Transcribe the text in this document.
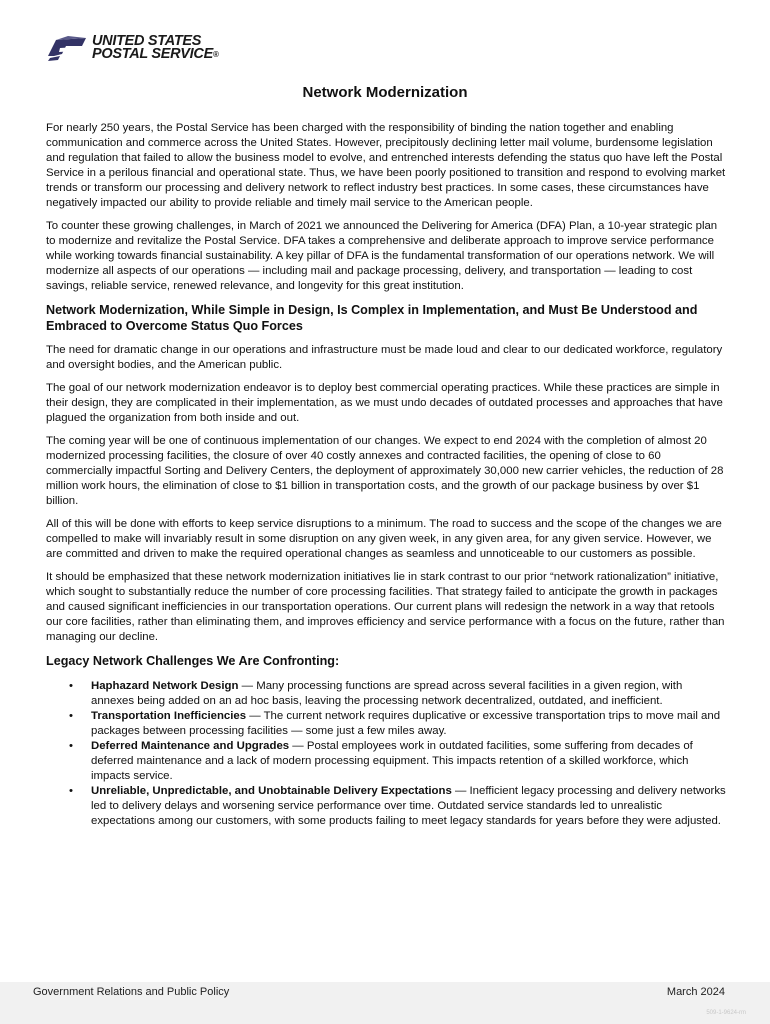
UNITED STATES
POSTAL SERVICE®
Network Modernization

For nearly 250 years, the Postal Service has been charged with the responsibility of binding the nation together and enabling communication and commerce across the United States. However, precipitously declining letter mail volume, burdensome legislation and regulation that failed to allow the business model to evolve, and entrenched interests defending the status quo have left the Postal Service in a perilous financial and operational state. Thus, we have been poorly positioned to transition and respond to evolving market trends or transform our processing and delivery network to reflect industry best practices. In some cases, these circumstances have negatively impacted our ability to provide reliable and timely mail service to the American people.

To counter these growing challenges, in March of 2021 we announced the Delivering for America (DFA) Plan, a 10-year strategic plan to modernize and revitalize the Postal Service. DFA takes a comprehensive and deliberate approach to improve service performance while working towards financial sustainability. A key pillar of DFA is the fundamental transformation of our operations network. We will modernize all aspects of our operations — including mail and package processing, delivery, and transportation — leading to cost savings, reliable service, renewed relevance, and longevity for this great institution.

Network Modernization, While Simple in Design, Is Complex in Implementation, and Must Be Understood and Embraced to Overcome Status Quo Forces

The need for dramatic change in our operations and infrastructure must be made loud and clear to our dedicated workforce, regulatory and oversight bodies, and the American public.

The goal of our network modernization endeavor is to deploy best commercial operating practices. While these practices are simple in their design, they are complicated in their implementation, as we must undo decades of outdated processes and approaches that have plagued the organization from both inside and out.

The coming year will be one of continuous implementation of our changes. We expect to end 2024 with the completion of almost 20 modernized processing facilities, the closure of over 40 costly annexes and contracted facilities, the opening of close to 60 commercially impactful Sorting and Delivery Centers, the deployment of approximately 30,000 new carrier vehicles, the reduction of 28 million work hours, the elimination of close to $1 billion in transportation costs, and the growth of our package business by over $1 billion.

All of this will be done with efforts to keep service disruptions to a minimum. The road to success and the scope of the changes we are compelled to make will invariably result in some disruption on any given week, in any given area, for any given service. However, we are committed and driven to make the required operational changes as seamless and unnoticeable to our customers as possible.

It should be emphasized that these network modernization initiatives lie in stark contrast to our prior “network rationalization” initiative, which sought to substantially reduce the number of core processing facilities. That strategy failed to anticipate the growth in packages and caused significant inefficiencies in our transportation operations. Our current plans will redesign the network in a way that retools our core facilities, rather than eliminating them, and improves efficiency and service performance with a focus on the future, rather than managing our decline.

Legacy Network Challenges We Are Confronting:
• Haphazard Network Design — Many processing functions are spread across several facilities in a given region, with annexes being added on an ad hoc basis, leaving the processing network decentralized, outdated, and inefficient.
• Transportation Inefficiencies — The current network requires duplicative or excessive transportation trips to move mail and packages between processing facilities — some just a few miles away.
• Deferred Maintenance and Upgrades — Postal employees work in outdated facilities, some suffering from decades of deferred maintenance and a lack of modern processing equipment. This impacts retention of a skilled workforce, which impacts service.
• Unreliable, Unpredictable, and Unobtainable Delivery Expectations — Inefficient legacy processing and delivery networks led to delivery delays and worsening service performance over time. Outdated service standards led to unrealistic expectations among our customers, with some products failing to meet legacy standards for years before they were adjusted.
Government Relations and Public Policy	March 2024
509-1-9624-rm
